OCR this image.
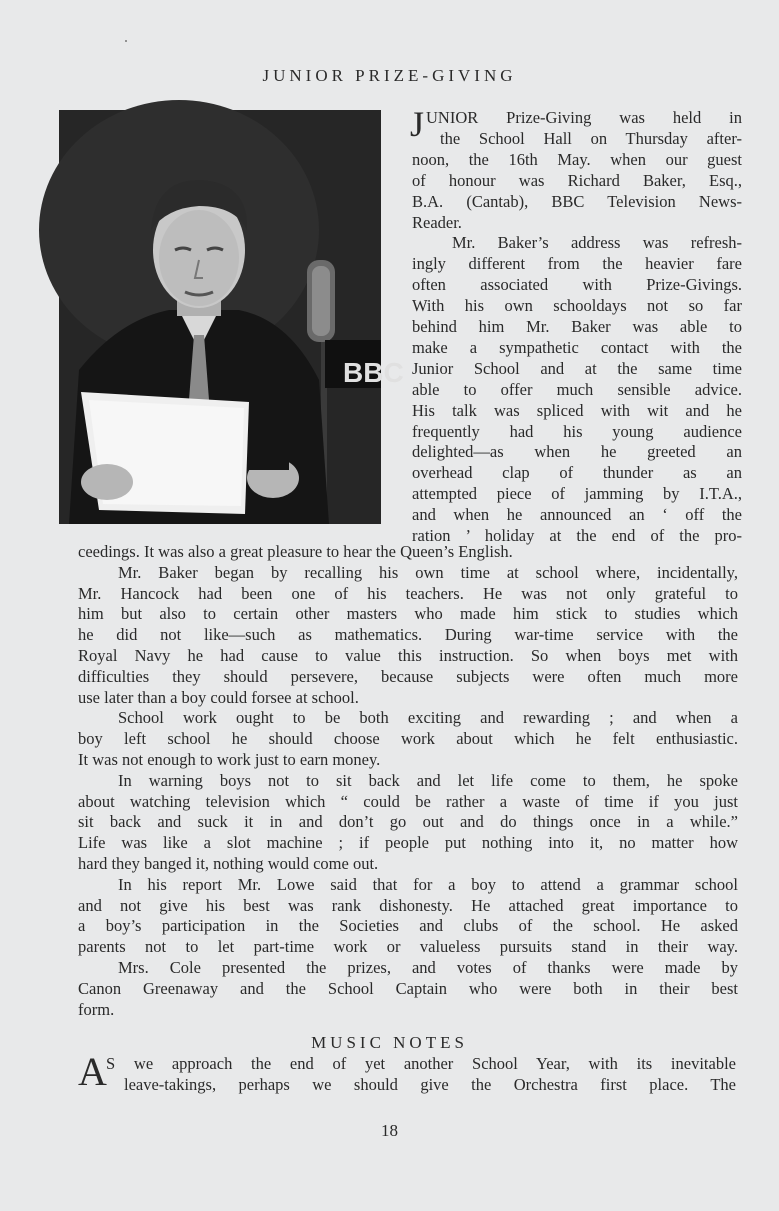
JUNIOR PRIZE-GIVING
BBC
J UNIOR Prize-Giving was held in
the School Hall on Thursday after-
noon, the 16th May. when our guest
of honour was Richard Baker, Esq.,
B.A. (Cantab), BBC Television News-
Reader.
Mr. Baker’s address was refresh-
ingly different from the heavier fare
often associated with Prize-Givings.
With his own schooldays not so far
behind him Mr. Baker was able to
make a sympathetic contact with the
Junior School and at the same time
able to offer much sensible advice.
His talk was spliced with wit and he
frequently had his young audience
delighted—as when he greeted an
overhead clap of thunder as an
attempted piece of jamming by I.T.A.,
and when he announced an ‘ off the
ration ’ holiday at the end of the pro-
ceedings. It was also a great pleasure to hear the Queen’s English.
Mr. Baker began by recalling his own time at school where, incidentally,
Mr. Hancock had been one of his teachers. He was not only grateful to
him but also to certain other masters who made him stick to studies which
he did not like—such as mathematics. During war-time service with the
Royal Navy he had cause to value this instruction. So when boys met with
difficulties they should persevere, because subjects were often much more
use later than a boy could forsee at school.
School work ought to be both exciting and rewarding ; and when a
boy left school he should choose work about which he felt enthusiastic.
It was not enough to work just to earn money.
In warning boys not to sit back and let life come to them, he spoke
about watching television which “ could be rather a waste of time if you just
sit back and suck it in and don’t go out and do things once in a while.”
Life was like a slot machine ; if people put nothing into it, no matter how
hard they banged it, nothing would come out.
In his report Mr. Lowe said that for a boy to attend a grammar school
and not give his best was rank dishonesty. He attached great importance to
a boy’s participation in the Societies and clubs of the school. He asked
parents not to let part-time work or valueless pursuits stand in their way.
Mrs. Cole presented the prizes, and votes of thanks were made by
Canon Greenaway and the School Captain who were both in their best
form.
MUSIC NOTES
A S we approach the end of yet another School Year, with its inevitable
leave-takings, perhaps we should give the Orchestra first place. The
18
